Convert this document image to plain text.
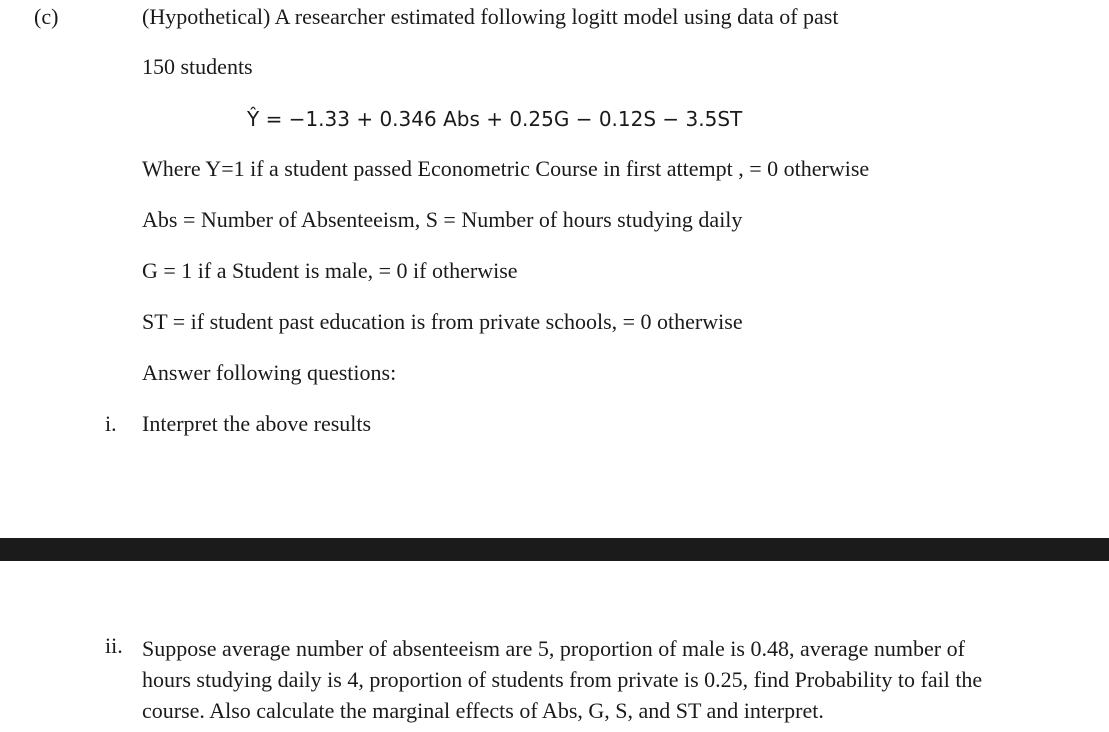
(c)	(Hypothetical) A researcher estimated following logitt model using data of past
150 students
Ŷ = −1.33 + 0.346 Abs + 0.25G − 0.12S − 3.5ST
Where Y=1 if a student passed Econometric Course in first attempt , = 0 otherwise
Abs = Number of Absenteeism, S = Number of hours studying daily
G = 1 if a Student is male, = 0 if otherwise
ST = if student past education is from private schools, = 0 otherwise
Answer following questions:
i. Interpret the above results
ii. Suppose average number of absenteeism are 5, proportion of male is 0.48, average number of
hours studying daily is 4, proportion of students from private is 0.25, find Probability to fail the
course. Also calculate the marginal effects of Abs, G, S, and ST and interpret.
